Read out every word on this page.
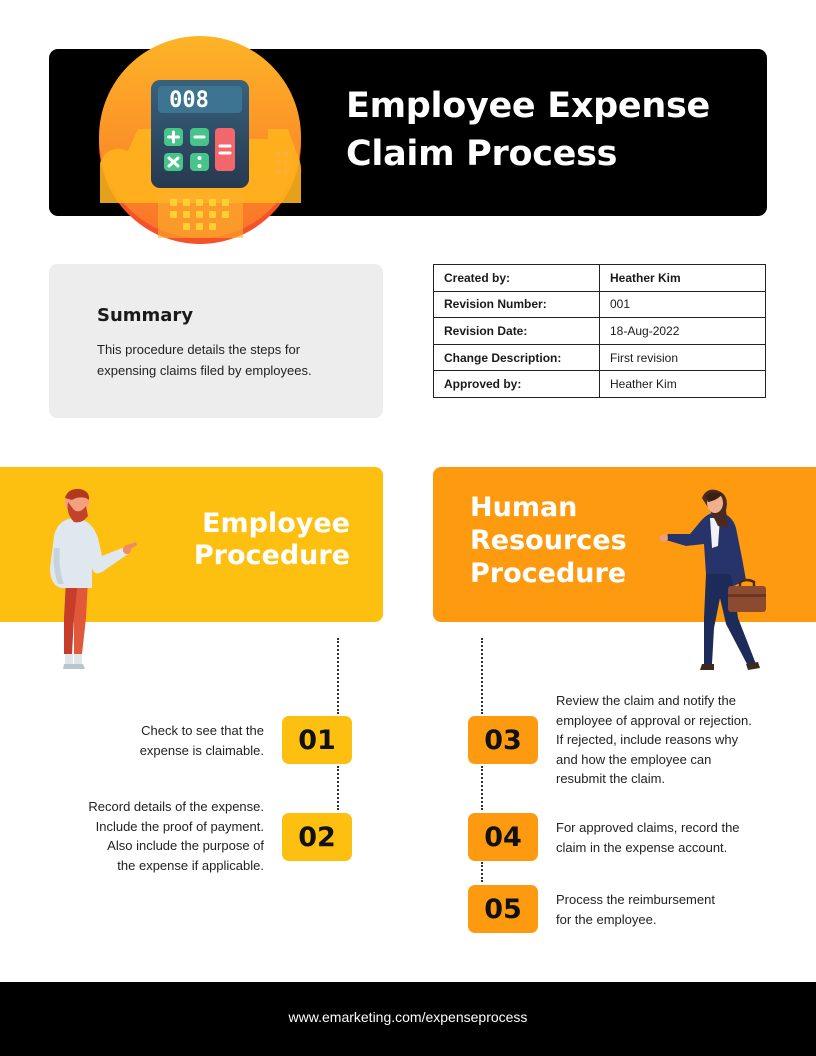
Employee Expense
Claim Process
008
Summary
This procedure details the steps for expensing claims filed by employees.
Created by:	Heather Kim
Revision Number:	001
Revision Date:	18-Aug-2022
Change Description:	First revision
Approved by:	Heather Kim
Employee
Procedure
Human
Resources
Procedure
01
Check to see that the
expense is claimable.
02
Record details of the expense.
Include the proof of payment.
Also include the purpose of
the expense if applicable.
03
Review the claim and notify the
employee of approval or rejection.
If rejected, include reasons why
and how the employee can
resubmit the claim.
04	For approved claims, record the
claim in the expense account.
05	Process the reimbursement
for the employee.
www.emarketing.com/expenseprocess
